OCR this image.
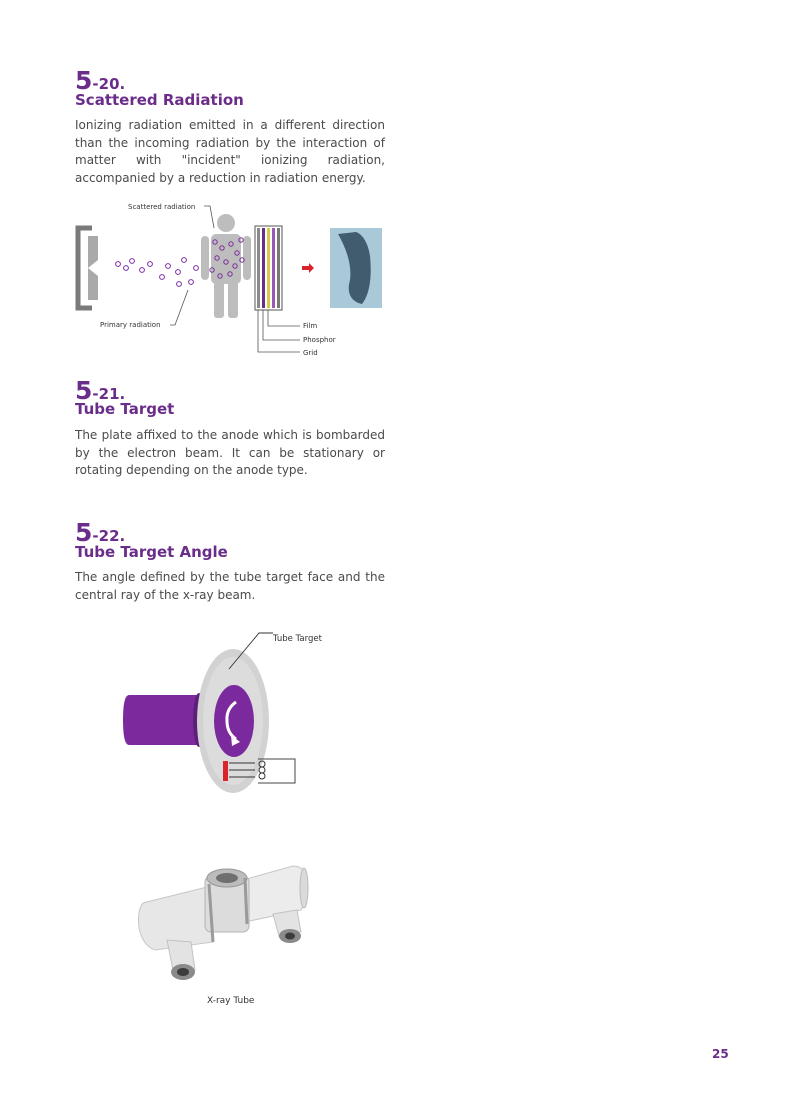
5-20.
Scattered Radiation
Ionizing radiation emitted in a different direction than the incoming radiation by the interaction of matter with "incident" ionizing radiation, accompanied by a reduction in radiation energy.
Scattered radiation
Primary radiation	Film
Phosphor
Grid
5-21.
Tube Target
The plate affixed to the anode which is bombarded by the electron beam. It can be stationary or rotating depending on the anode type.
5-22.
Tube Target Angle
The angle defined by the tube target face and the central ray of the x-ray beam.
Tube Target
X-ray Tube
25
